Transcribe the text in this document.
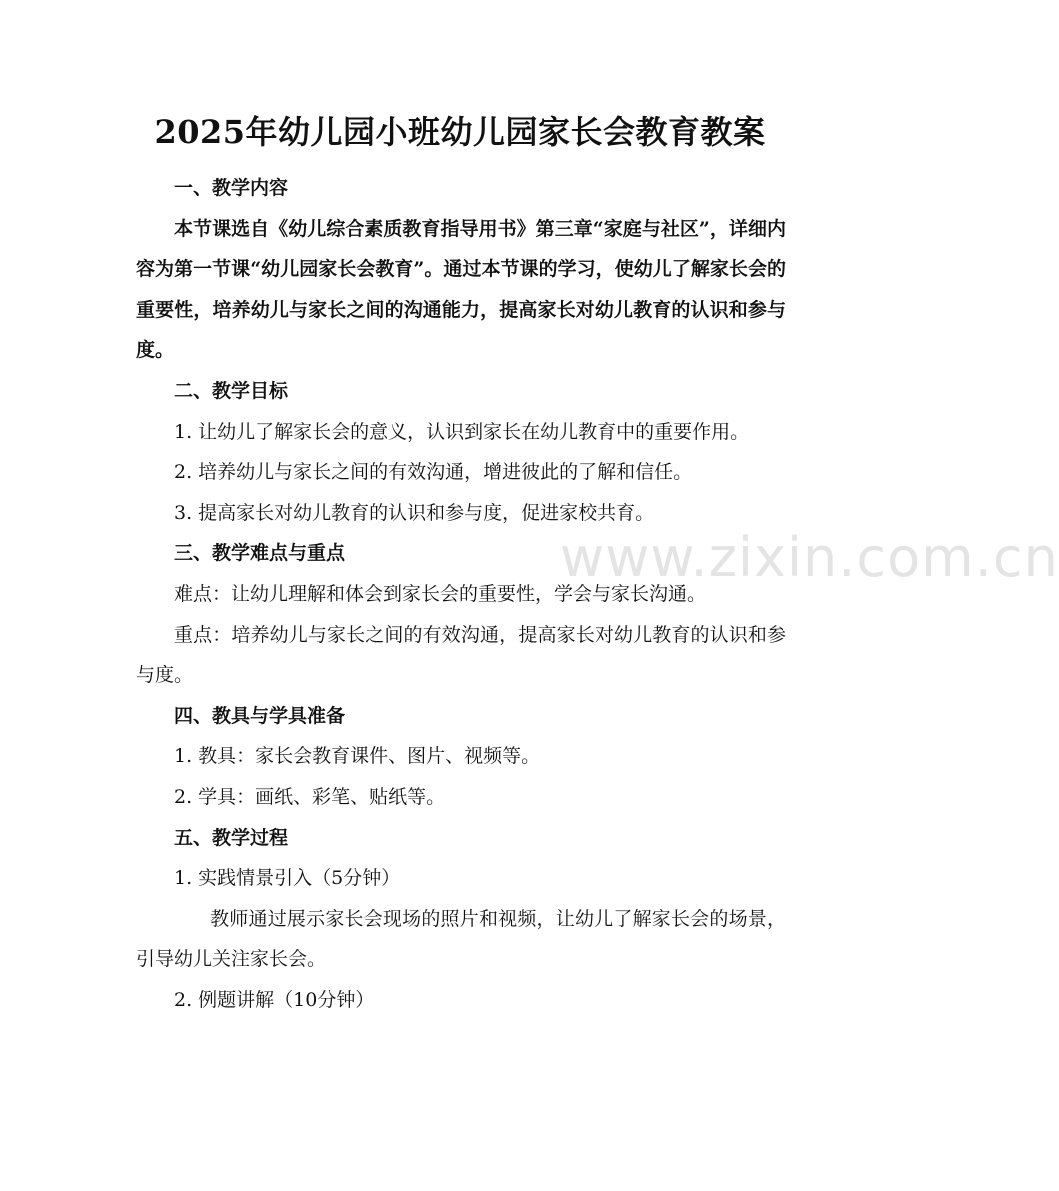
www.zixin.com.cn
2025年幼儿园小班幼儿园家长会教育教案

一、教学内容

本节课选自《幼儿综合素质教育指导用书》第三章“家庭与社区”，详细内容为第一节课“幼儿园家长会教育”。通过本节课的学习，使幼儿了解家长会的重要性，培养幼儿与家长之间的沟通能力，提高家长对幼儿教育的认识和参与度。

二、教学目标

1. 让幼儿了解家长会的意义，认识到家长在幼儿教育中的重要作用。

2. 培养幼儿与家长之间的有效沟通，增进彼此的了解和信任。

3. 提高家长对幼儿教育的认识和参与度，促进家校共育。

三、教学难点与重点

难点：让幼儿理解和体会到家长会的重要性，学会与家长沟通。

重点：培养幼儿与家长之间的有效沟通，提高家长对幼儿教育的认识和参与度。

四、教具与学具准备

1. 教具：家长会教育课件、图片、视频等。

2. 学具：画纸、彩笔、贴纸等。

五、教学过程

1. 实践情景引入（5分钟）

教师通过展示家长会现场的照片和视频，让幼儿了解家长会的场景，引导幼儿关注家长会。

2. 例题讲解（10分钟）
